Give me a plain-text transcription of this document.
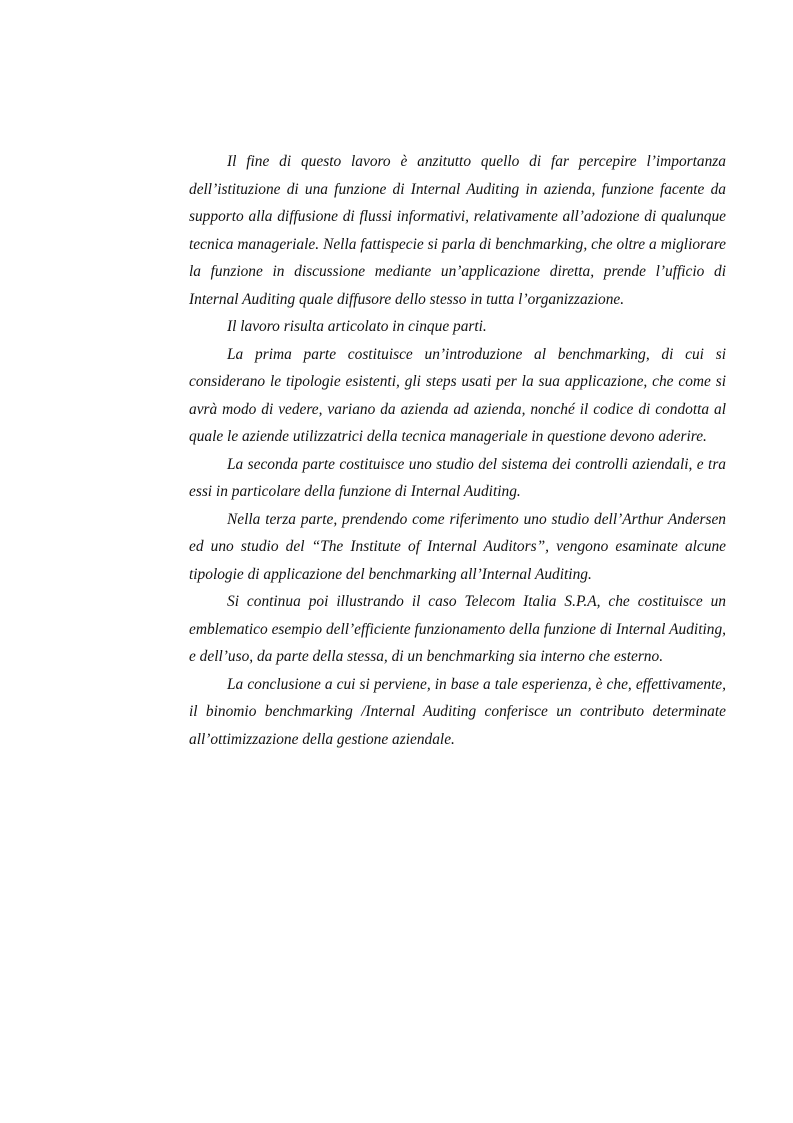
Il fine di questo lavoro è anzitutto quello di far percepire l’importanza dell’istituzione di una funzione di Internal Auditing in azienda, funzione facente da supporto alla diffusione di flussi informativi, relativamente all’adozione di qualunque tecnica manageriale. Nella fattispecie si parla di benchmarking, che oltre a migliorare la funzione in discussione mediante un’applicazione diretta, prende l’ufficio di Internal Auditing quale diffusore dello stesso in tutta l’organizzazione.

Il lavoro risulta articolato in cinque parti.

La prima parte costituisce un’introduzione al benchmarking, di cui si considerano le tipologie esistenti, gli steps usati per la sua applicazione, che come si avrà modo di vedere, variano da azienda ad azienda, nonché il codice di condotta al quale le aziende utilizzatrici della tecnica manageriale in questione devono aderire.

La seconda parte costituisce uno studio del sistema dei controlli aziendali, e tra essi in particolare della funzione di Internal Auditing.

Nella terza parte, prendendo come riferimento uno studio dell’Arthur Andersen ed uno studio del “The Institute of Internal Auditors”, vengono esaminate alcune tipologie di applicazione del benchmarking all’Internal Auditing.

Si continua poi illustrando il caso Telecom Italia S.P.A, che costituisce un emblematico esempio dell’efficiente funzionamento della funzione di Internal Auditing, e dell’uso, da parte della stessa, di un benchmarking sia interno che esterno.

La conclusione a cui si perviene, in base a tale esperienza, è che, effettivamente, il binomio benchmarking /Internal Auditing conferisce un contributo determinate all’ottimizzazione della gestione aziendale.
